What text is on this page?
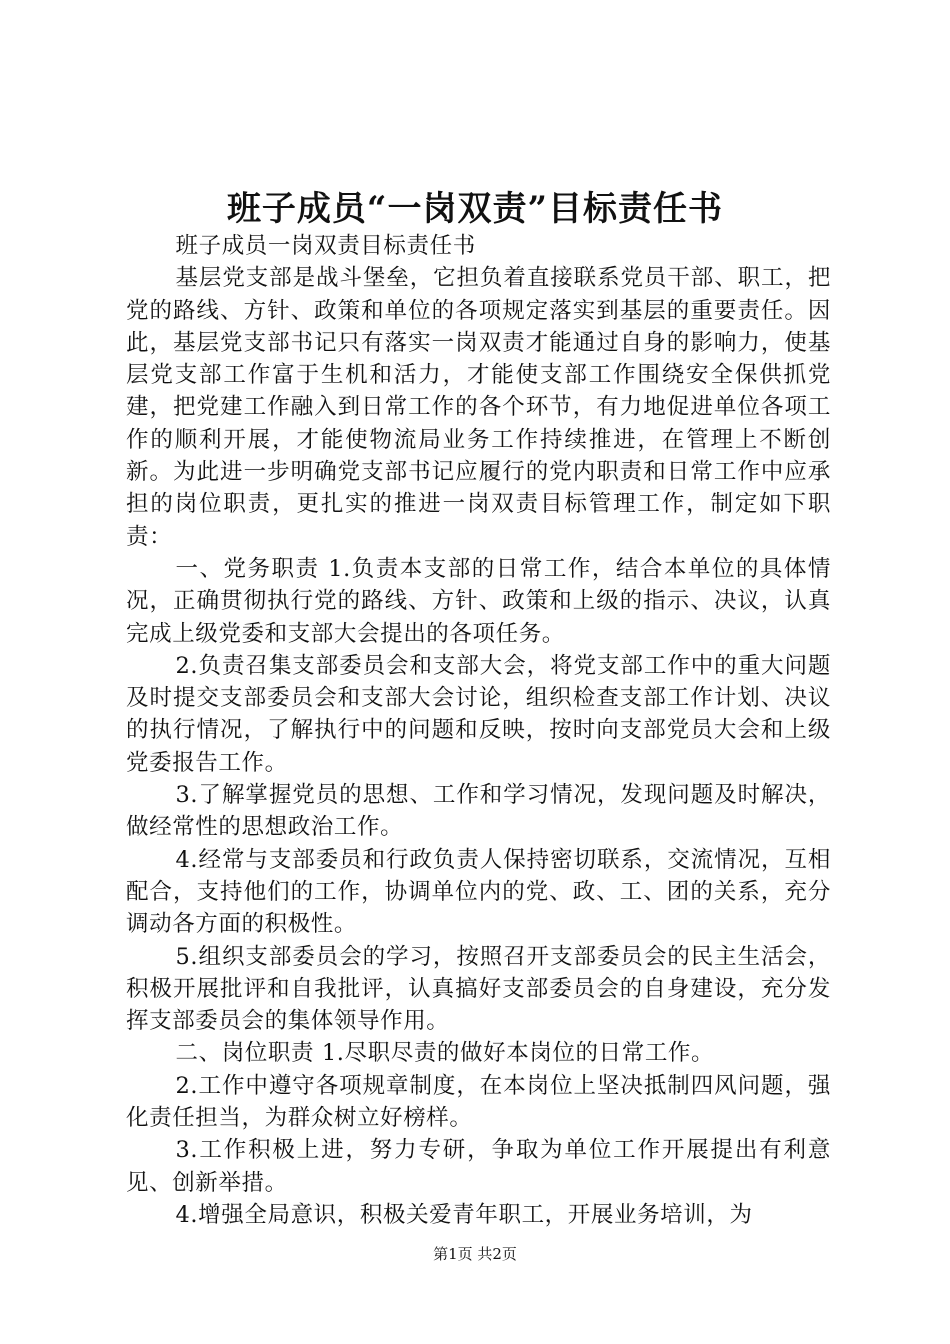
班子成员“一岗双责”目标责任书

班子成员一岗双责目标责任书

基层党支部是战斗堡垒，它担负着直接联系党员干部、职工，把党的路线、方针、政策和单位的各项规定落实到基层的重要责任。因此，基层党支部书记只有落实一岗双责才能通过自身的影响力，使基层党支部工作富于生机和活力，才能使支部工作围绕安全保供抓党建，把党建工作融入到日常工作的各个环节，有力地促进单位各项工作的顺利开展，才能使物流局业务工作持续推进，在管理上不断创新。为此进一步明确党支部书记应履行的党内职责和日常工作中应承担的岗位职责，更扎实的推进一岗双责目标管理工作，制定如下职责：

一、党务职责 1.负责本支部的日常工作，结合本单位的具体情况，正确贯彻执行党的路线、方针、政策和上级的指示、决议，认真完成上级党委和支部大会提出的各项任务。

2.负责召集支部委员会和支部大会，将党支部工作中的重大问题及时提交支部委员会和支部大会讨论，组织检查支部工作计划、决议的执行情况，了解执行中的问题和反映，按时向支部党员大会和上级党委报告工作。

3.了解掌握党员的思想、工作和学习情况，发现问题及时解决，做经常性的思想政治工作。

4.经常与支部委员和行政负责人保持密切联系，交流情况，互相配合，支持他们的工作，协调单位内的党、政、工、团的关系，充分调动各方面的积极性。

5.组织支部委员会的学习，按照召开支部委员会的民主生活会，积极开展批评和自我批评，认真搞好支部委员会的自身建设，充分发挥支部委员会的集体领导作用。

二、岗位职责 1.尽职尽责的做好本岗位的日常工作。

2.工作中遵守各项规章制度，在本岗位上坚决抵制四风问题，强化责任担当，为群众树立好榜样。

3.工作积极上进，努力专研，争取为单位工作开展提出有利意见、创新举措。

4.增强全局意识，积极关爱青年职工，开展业务培训，为

第1页 共2页
